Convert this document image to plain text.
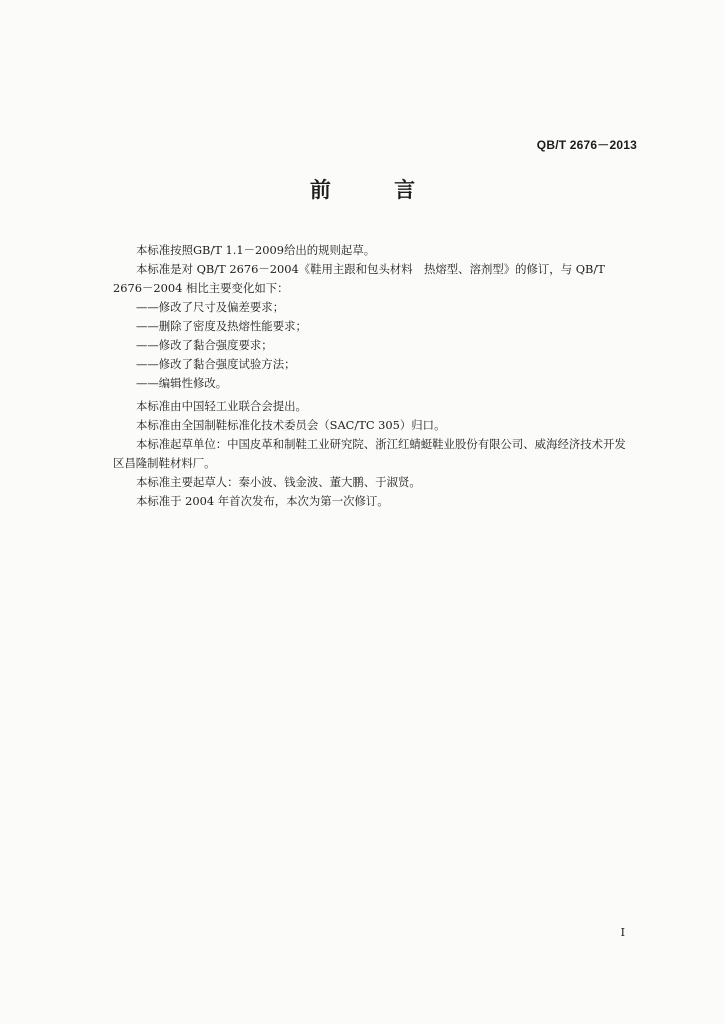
QB/T 2676－2013
前 言

本标准按照GB/T 1.1－2009给出的规则起草。

本标准是对 QB/T 2676－2004《鞋用主跟和包头材料　热熔型、溶剂型》的修订，与 QB/T 2676－2004 相比主要变化如下：

——修改了尺寸及偏差要求；

——删除了密度及热熔性能要求；

——修改了黏合强度要求；

——修改了黏合强度试验方法；

——编辑性修改。

本标准由中国轻工业联合会提出。

本标准由全国制鞋标准化技术委员会（SAC/TC 305）归口。

本标准起草单位：中国皮革和制鞋工业研究院、浙江红蜻蜓鞋业股份有限公司、威海经济技术开发区昌隆制鞋材料厂。

本标准主要起草人：秦小波、钱金波、董大鹏、于淑贤。

本标准于 2004 年首次发布，本次为第一次修订。

I
